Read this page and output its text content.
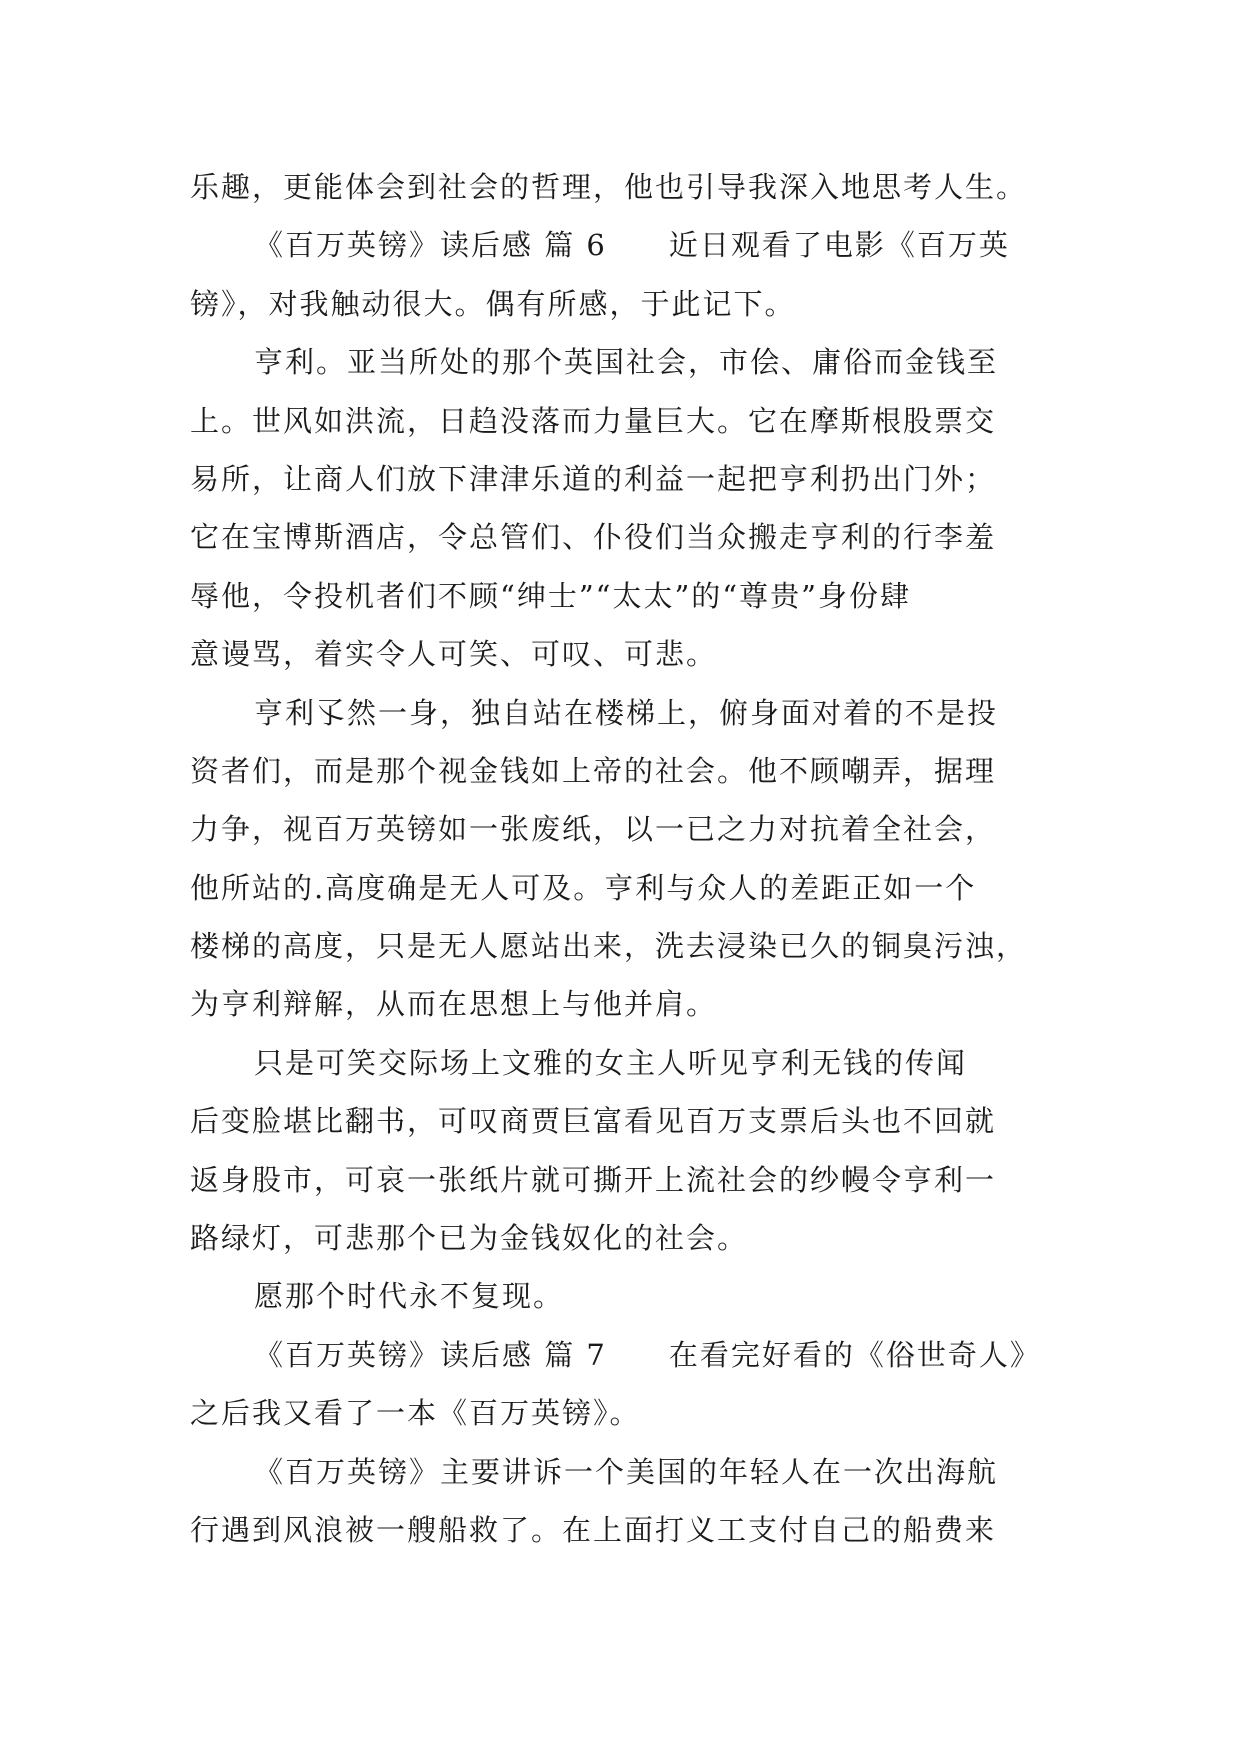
乐趣，更能体会到社会的哲理，他也引导我深入地思考人生。
《百万英镑》读后感 篇 6　　近日观看了电影《百万英
镑》，对我触动很大。偶有所感，于此记下。
亨利。亚当所处的那个英国社会，市侩、庸俗而金钱至
上。世风如洪流，日趋没落而力量巨大。它在摩斯根股票交
易所，让商人们放下津津乐道的利益一起把亨利扔出门外；
它在宝博斯酒店，令总管们、仆役们当众搬走亨利的行李羞
辱他，令投机者们不顾“绅士”“太太”的“尊贵”身份肆
意谩骂，着实令人可笑、可叹、可悲。
亨利孓然一身，独自站在楼梯上，俯身面对着的不是投
资者们，而是那个视金钱如上帝的社会。他不顾嘲弄，据理
力争，视百万英镑如一张废纸，以一已之力对抗着全社会，
他所站的.高度确是无人可及。亨利与众人的差距正如一个
楼梯的高度，只是无人愿站出来，洗去浸染已久的铜臭污浊，
为亨利辩解，从而在思想上与他并肩。
只是可笑交际场上文雅的女主人听见亨利无钱的传闻
后变脸堪比翻书，可叹商贾巨富看见百万支票后头也不回就
返身股市，可哀一张纸片就可撕开上流社会的纱幔令亨利一
路绿灯，可悲那个已为金钱奴化的社会。
愿那个时代永不复现。
《百万英镑》读后感 篇 7　　在看完好看的《俗世奇人》
之后我又看了一本《百万英镑》。
《百万英镑》主要讲诉一个美国的年轻人在一次出海航
行遇到风浪被一艘船救了。在上面打义工支付自己的船费来
